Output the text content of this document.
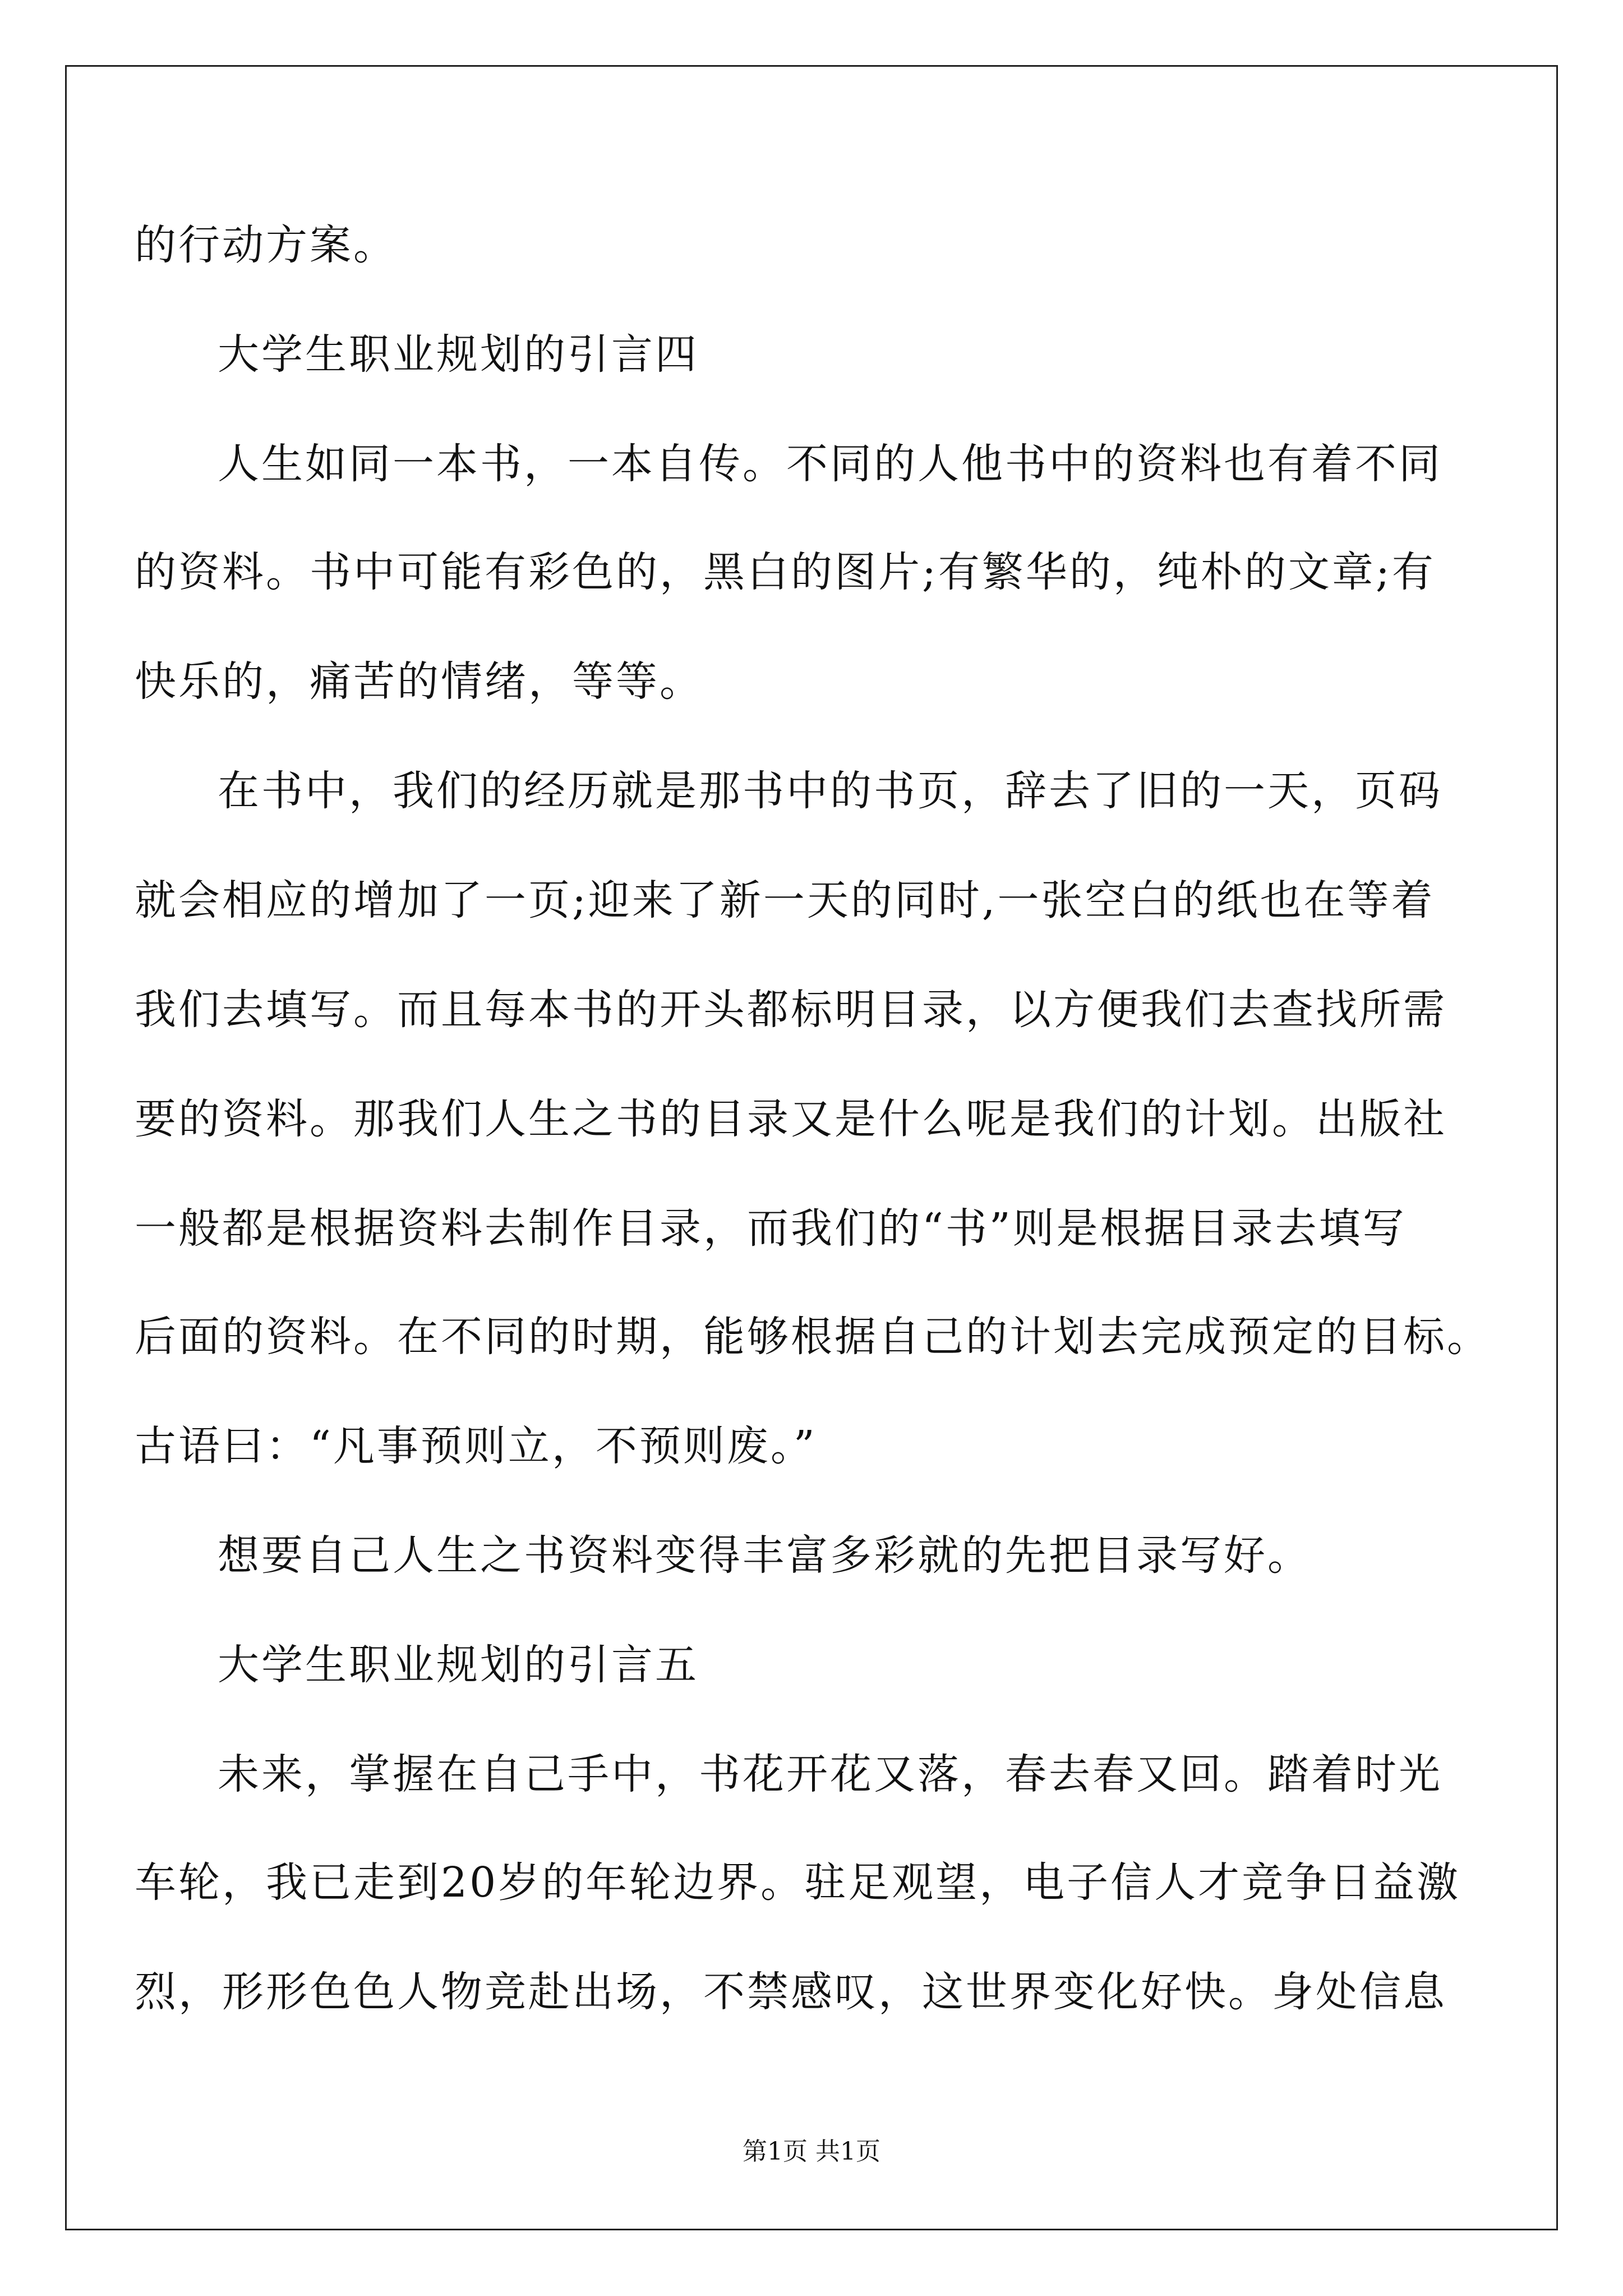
的行动方案。
大学生职业规划的引言四
人生如同一本书，一本自传。不同的人他书中的资料也有着不同
的资料。书中可能有彩色的，黑白的图片;有繁华的，纯朴的文章;有
快乐的，痛苦的情绪，等等。
在书中，我们的经历就是那书中的书页，辞去了旧的一天，页码
就会相应的增加了一页;迎来了新一天的同时,一张空白的纸也在等着
我们去填写。而且每本书的开头都标明目录，以方便我们去查找所需
要的资料。那我们人生之书的目录又是什么呢是我们的计划。出版社
一般都是根据资料去制作目录，而我们的“书”则是根据目录去填写
后面的资料。在不同的时期，能够根据自己的计划去完成预定的目标。
古语曰：“凡事预则立，不预则废。”
想要自己人生之书资料变得丰富多彩就的先把目录写好。
大学生职业规划的引言五
未来，掌握在自己手中，书花开花又落，春去春又回。踏着时光
车轮，我已走到20岁的年轮边界。驻足观望，电子信人才竞争日益激
烈，形形色色人物竞赴出场，不禁感叹，这世界变化好快。身处信息
第1页 共1页
